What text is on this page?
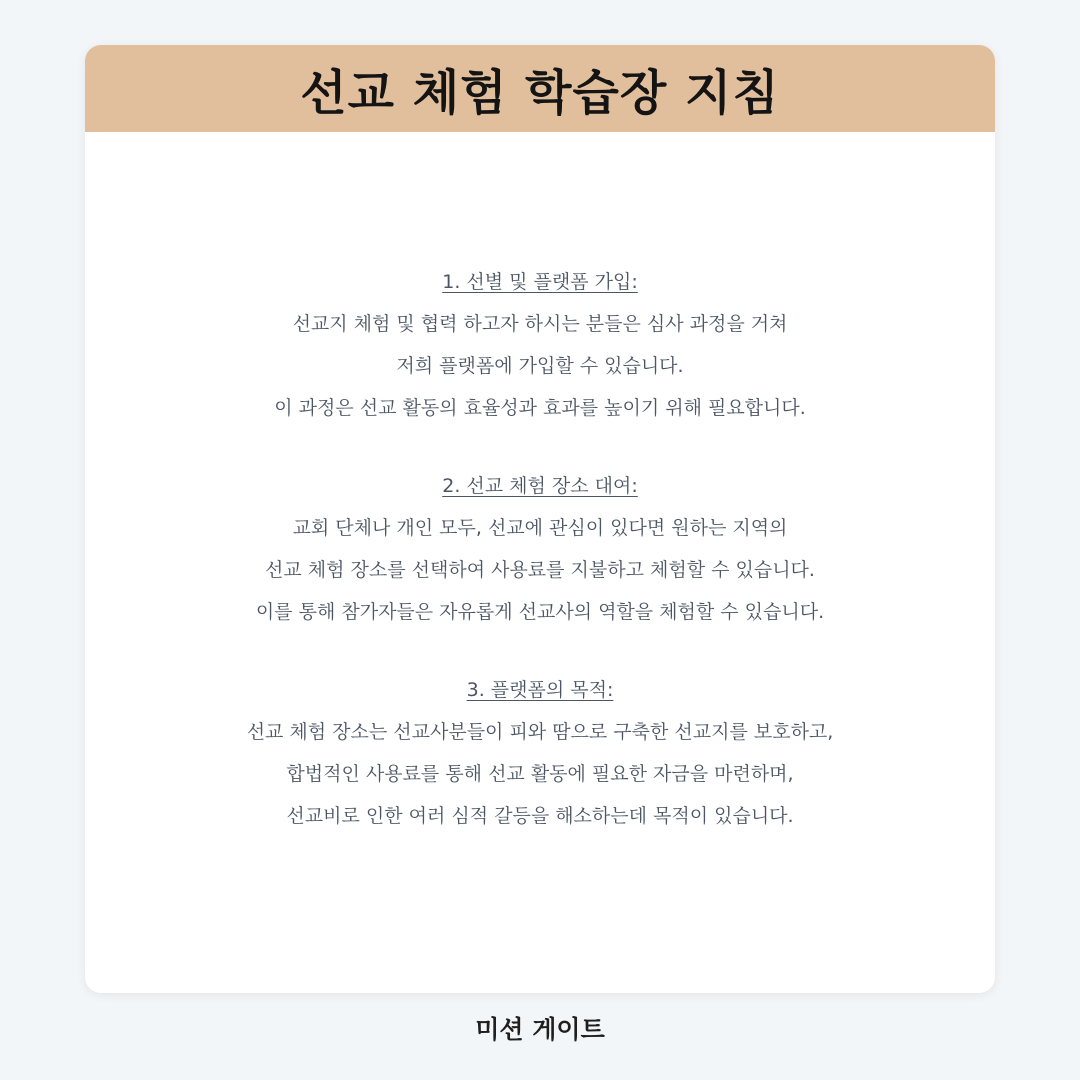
선교 체험 학습장 지침
1. 선별 및 플랫폼 가입:
선교지 체험 및 협력 하고자 하시는 분들은 심사 과정을 거쳐
저희 플랫폼에 가입할 수 있습니다.
이 과정은 선교 활동의 효율성과 효과를 높이기 위해 필요합니다.
2. 선교 체험 장소 대여:
교회 단체나 개인 모두, 선교에 관심이 있다면 원하는 지역의
선교 체험 장소를 선택하여 사용료를 지불하고 체험할 수 있습니다.
이를 통해 참가자들은 자유롭게 선교사의 역할을 체험할 수 있습니다.
3. 플랫폼의 목적:
선교 체험 장소는 선교사분들이 피와 땀으로 구축한 선교지를 보호하고,
합법적인 사용료를 통해 선교 활동에 필요한 자금을 마련하며,
선교비로 인한 여러 심적 갈등을 해소하는데 목적이 있습니다.
미션 게이트
